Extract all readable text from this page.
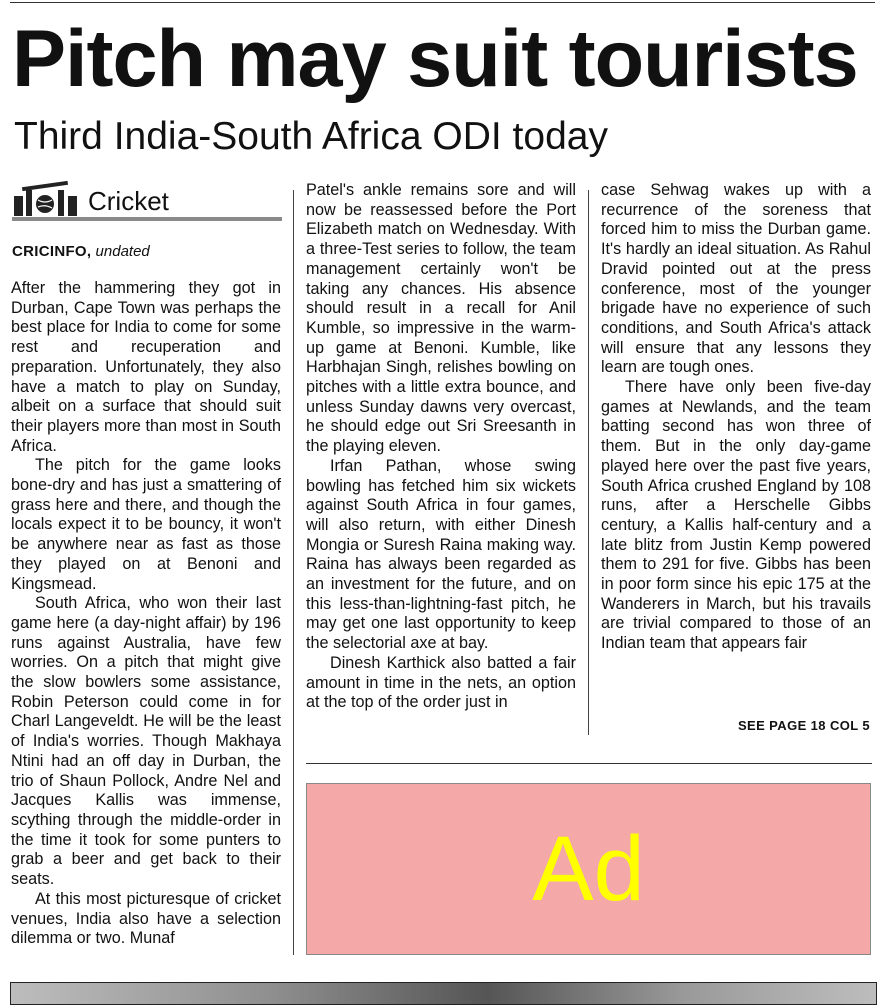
Pitch may suit tourists
Third India-South Africa ODI today
Cricket
CRICINFO, undated

After the hammering they got in Durban, Cape Town was perhaps the best place for India to come for some rest and recuperation and preparation. Unfortunately, they also have a match to play on Sunday, albeit on a surface that should suit their players more than most in South Africa.

The pitch for the game looks bone-dry and has just a smattering of grass here and there, and though the locals expect it to be bouncy, it won't be anywhere near as fast as those they played on at Benoni and Kingsmead.

South Africa, who won their last game here (a day-night affair) by 196 runs against Australia, have few worries. On a pitch that might give the slow bowlers some assistance, Robin Peterson could come in for Charl Langeveldt. He will be the least of India's worries. Though Makhaya Ntini had an off day in Durban, the trio of Shaun Pollock, Andre Nel and Jacques Kallis was immense, scything through the middle-order in the time it took for some punters to grab a beer and get back to their seats.

At this most picturesque of cricket venues, India also have a selection dilemma or two. Munaf

Patel's ankle remains sore and will now be reassessed before the Port Elizabeth match on Wednesday. With a three-Test series to follow, the team management certainly won't be taking any chances. His absence should result in a recall for Anil Kumble, so impressive in the warm-up game at Benoni. Kumble, like Harbhajan Singh, relishes bowling on pitches with a little extra bounce, and unless Sunday dawns very overcast, he should edge out Sri Sreesanth in the playing eleven.

Irfan Pathan, whose swing bowling has fetched him six wickets against South Africa in four games, will also return, with either Dinesh Mongia or Suresh Raina making way. Raina has always been regarded as an investment for the future, and on this less-than-lightning-fast pitch, he may get one last opportunity to keep the selectorial axe at bay.

Dinesh Karthick also batted a fair amount in time in the nets, an option at the top of the order just in

case Sehwag wakes up with a recurrence of the soreness that forced him to miss the Durban game. It's hardly an ideal situation. As Rahul Dravid pointed out at the press conference, most of the younger brigade have no experience of such conditions, and South Africa's attack will ensure that any lessons they learn are tough ones.

There have only been five-day games at Newlands, and the team batting second has won three of them. But in the only day-game played here over the past five years, South Africa crushed England by 108 runs, after a Herschelle Gibbs century, a Kallis half-century and a late blitz from Justin Kemp powered them to 291 for five. Gibbs has been in poor form since his epic 175 at the Wanderers in March, but his travails are trivial compared to those of an Indian team that appears fair

SEE PAGE 18 COL 5
Ad
